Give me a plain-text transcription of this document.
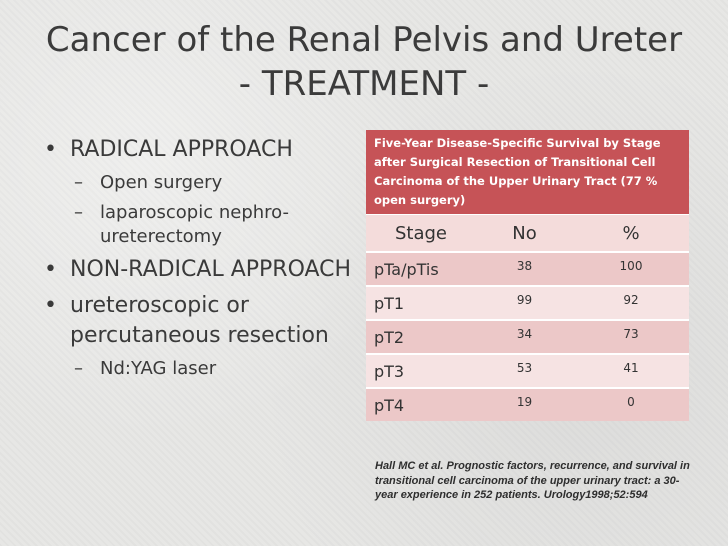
Cancer of the Renal Pelvis and Ureter
- TREATMENT -
• RADICAL APPROACH
– Open surgery
– laparoscopic nephro-ureterectomy
• NON-RADICAL APPROACH
• ureteroscopic or percutaneous resection
– Nd:YAG laser
Five-Year Disease-Specific Survival by Stage after Surgical Resection of Transitional Cell Carcinoma of the Upper Urinary Tract (77 % open surgery)
Stage	No	%
pTa/pTis	38	100
pT1	99	92
pT2	34	73
pT3	53	41
pT4	19	0
Hall MC et al. Prognostic factors, recurrence, and survival in transitional cell carcinoma of the upper urinary tract: a 30-year experience in 252 patients. Urology1998;52:594
